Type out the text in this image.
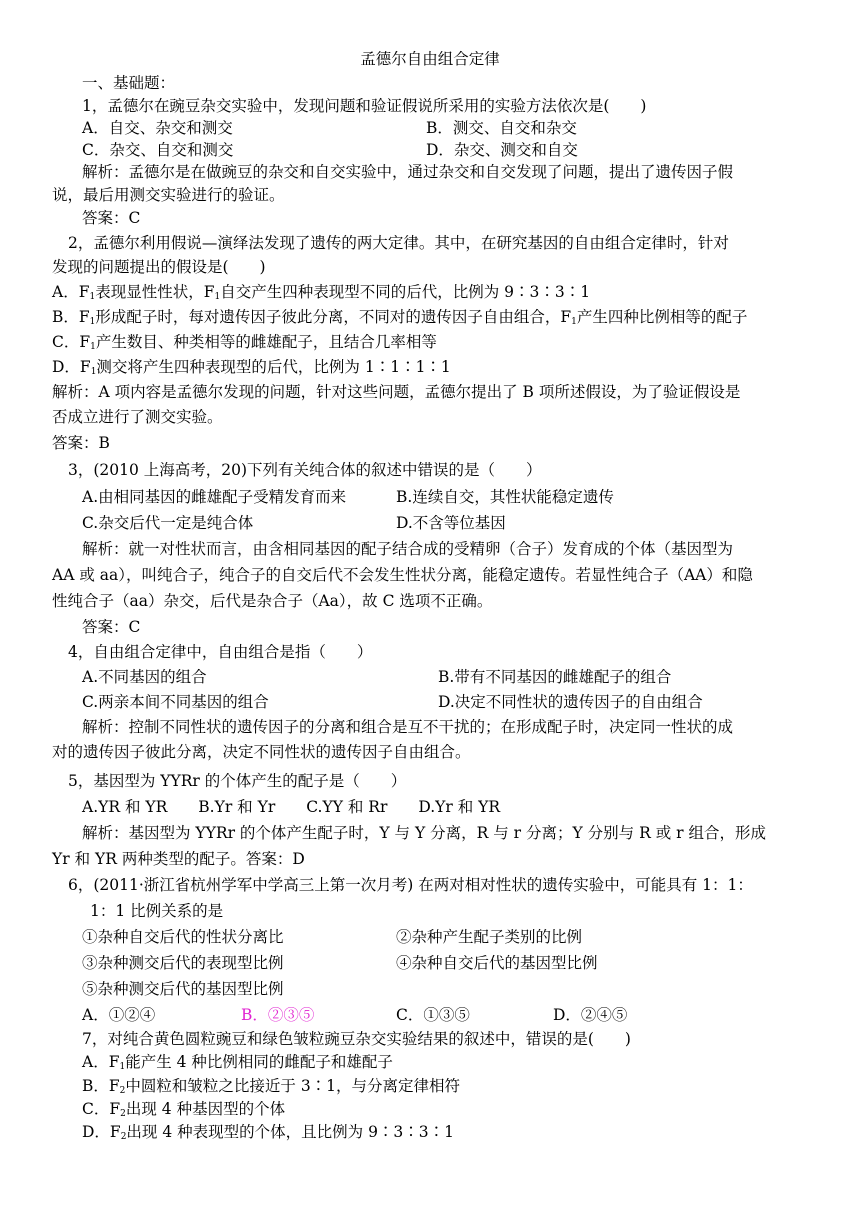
孟德尔自由组合定律
一、基础题：
1，孟德尔在豌豆杂交实验中，发现问题和验证假说所采用的实验方法依次是(　　)
A．自交、杂交和测交	B．测交、自交和杂交
C．杂交、自交和测交	D．杂交、测交和自交
解析：孟德尔是在做豌豆的杂交和自交实验中，通过杂交和自交发现了问题，提出了遗传因子假
说，最后用测交实验进行的验证。
答案：C
2，孟德尔利用假说—演绎法发现了遗传的两大定律。其中，在研究基因的自由组合定律时，针对
发现的问题提出的假设是(　　)
A．$F_1$表现显性性状，$F_1$自交产生四种表现型不同的后代，比例为 9∶3∶3∶1
B．$F_1$形成配子时，每对遗传因子彼此分离，不同对的遗传因子自由组合，$F_1$产生四种比例相等的配子
C．$F_1$产生数目、种类相等的雌雄配子，且结合几率相等
D．$F_1$测交将产生四种表现型的后代，比例为 1∶1∶1∶1
解析：A 项内容是孟德尔发现的问题，针对这些问题，孟德尔提出了 B 项所述假设，为了验证假设是
否成立进行了测交实验。
答案：B
3，(2010 上海高考，20)下列有关纯合体的叙述中错误的是（　　）
A.由相同基因的雌雄配子受精发育而来	B.连续自交，其性状能稳定遗传
C.杂交后代一定是纯合体	D.不含等位基因
解析：就一对性状而言，由含相同基因的配子结合成的受精卵（合子）发育成的个体（基因型为
AA 或 aa），叫纯合子，纯合子的自交后代不会发生性状分离，能稳定遗传。若显性纯合子（AA）和隐
性纯合子（aa）杂交，后代是杂合子（Aa），故 C 选项不正确。
答案：C
4，自由组合定律中，自由组合是指（　　）
A.不同基因的组合	B.带有不同基因的雌雄配子的组合
C.两亲本间不同基因的组合	D.决定不同性状的遗传因子的自由组合
解析：控制不同性状的遗传因子的分离和组合是互不干扰的；在形成配子时，决定同一性状的成
对的遗传因子彼此分离，决定不同性状的遗传因子自由组合。
5，基因型为 YYRr 的个体产生的配子是（　　）
A.YR 和 YR　　B.Yr 和 Yr　　C.YY 和 Rr　　D.Yr 和 YR
解析：基因型为 YYRr 的个体产生配子时，Y 与 Y 分离，R 与 r 分离；Y 分别与 R 或 r 组合，形成
Yr 和 YR 两种类型的配子。答案：D
6，(2011·浙江省杭州学军中学高三上第一次月考) 在两对相对性状的遗传实验中，可能具有 1：1：
1：1 比例关系的是
①杂种自交后代的性状分离比	②杂种产生配子类别的比例
③杂种测交后代的表现型比例	④杂种自交后代的基因型比例
⑤杂种测交后代的基因型比例
A．①②④	B．②③⑤	C．①③⑤	D．②④⑤
7，对纯合黄色圆粒豌豆和绿色皱粒豌豆杂交实验结果的叙述中，错误的是(　　)
A．$F_1$能产生 4 种比例相同的雌配子和雄配子
B．$F_2$中圆粒和皱粒之比接近于 3∶1，与分离定律相符
C．$F_2$出现 4 种基因型的个体
D．$F_2$出现 4 种表现型的个体，且比例为 9∶3∶3∶1
